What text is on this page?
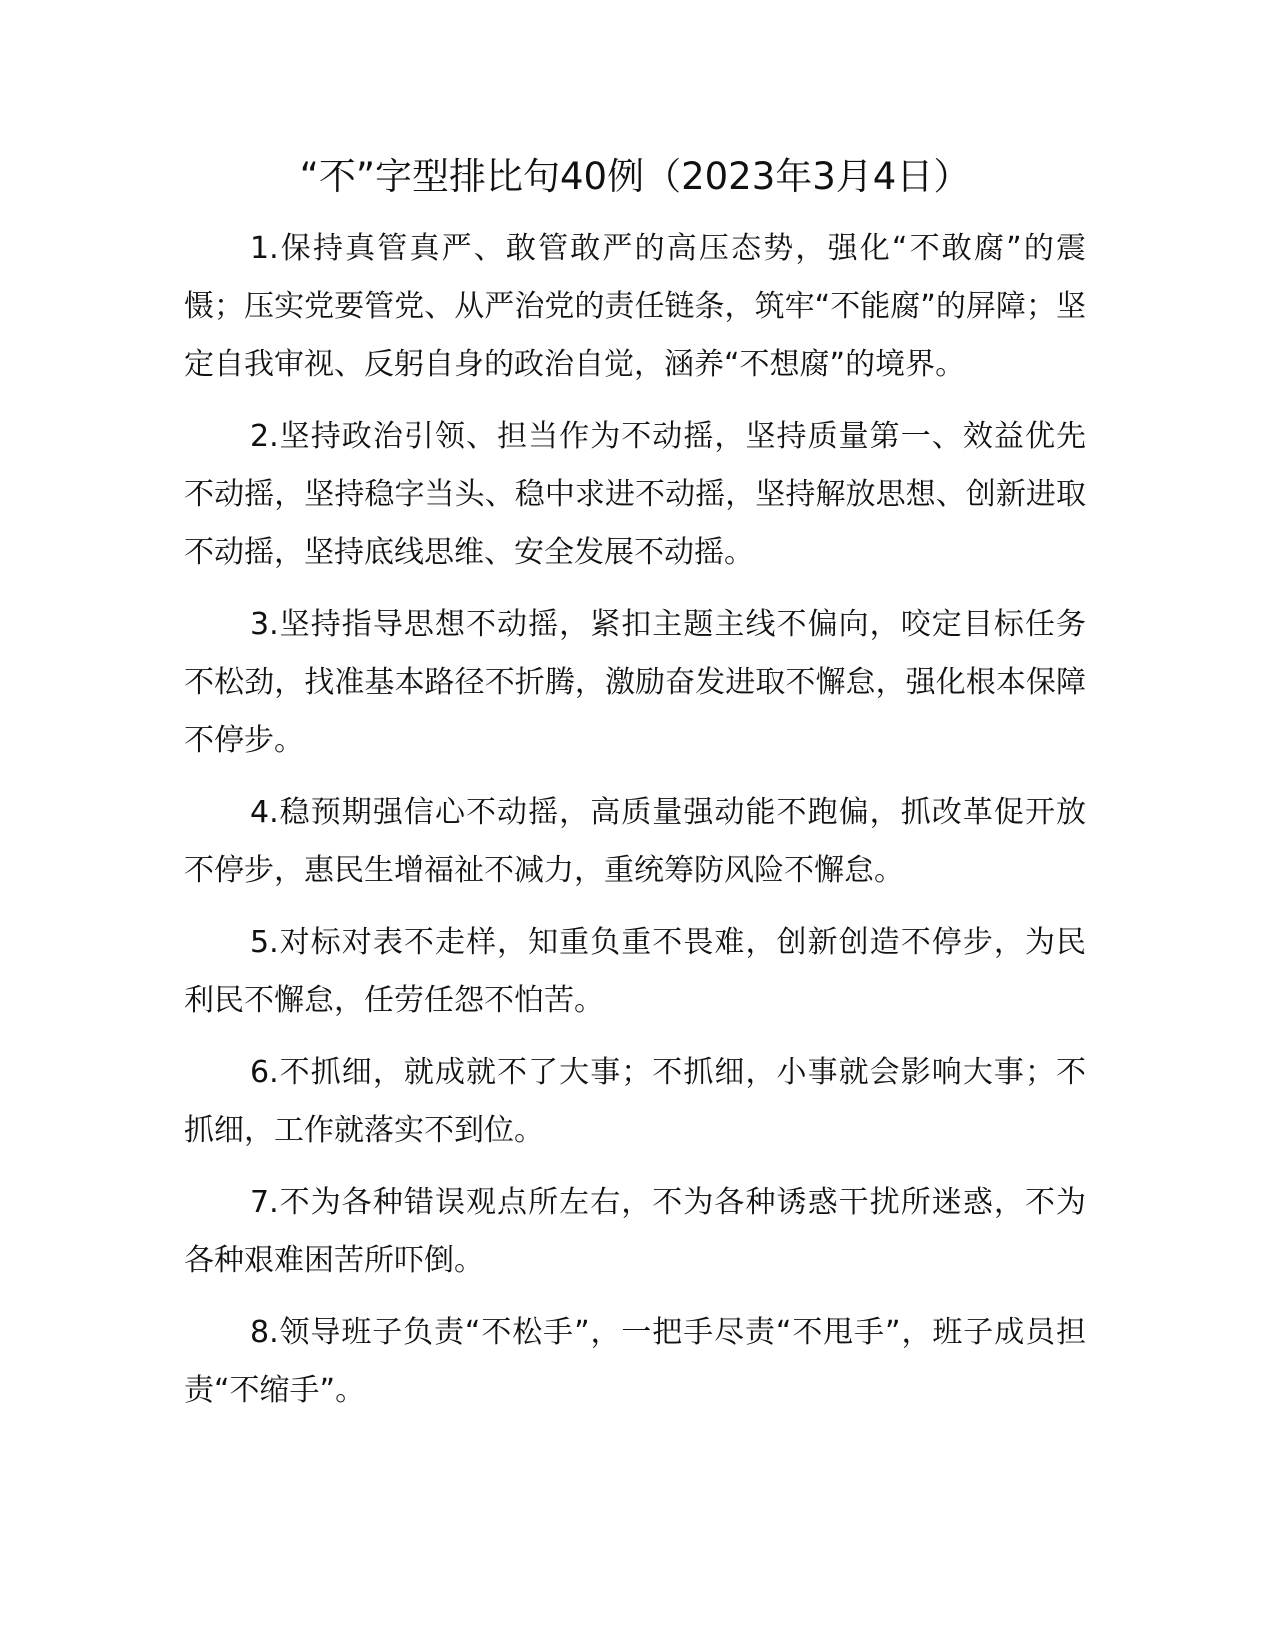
“不”字型排比句40例（2023年3月4日）

1.保持真管真严、敢管敢严的高压态势，强化“不敢腐”的震慑；压实党要管党、从严治党的责任链条，筑牢“不能腐”的屏障；坚定自我审视、反躬自身的政治自觉，涵养“不想腐”的境界。

2.坚持政治引领、担当作为不动摇，坚持质量第一、效益优先不动摇，坚持稳字当头、稳中求进不动摇，坚持解放思想、创新进取不动摇，坚持底线思维、安全发展不动摇。

3.坚持指导思想不动摇，紧扣主题主线不偏向，咬定目标任务不松劲，找准基本路径不折腾，激励奋发进取不懈怠，强化根本保障不停步。

4.稳预期强信心不动摇，高质量强动能不跑偏，抓改革促开放不停步，惠民生增福祉不减力，重统筹防风险不懈怠。

5.对标对表不走样，知重负重不畏难，创新创造不停步，为民利民不懈怠，任劳任怨不怕苦。

6.不抓细，就成就不了大事；不抓细，小事就会影响大事；不抓细，工作就落实不到位。

7.不为各种错误观点所左右，不为各种诱惑干扰所迷惑，不为各种艰难困苦所吓倒。

8.领导班子负责“不松手”，一把手尽责“不甩手”，班子成员担责“不缩手”。
